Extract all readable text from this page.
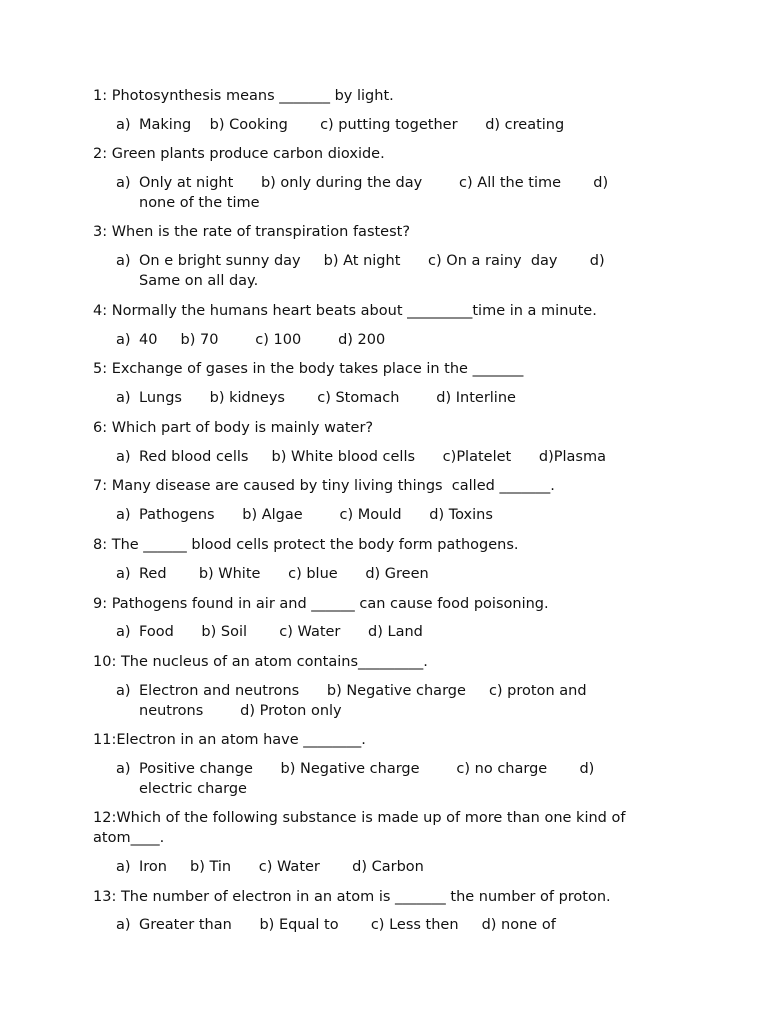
1: Photosynthesis means _______ by light.
a) Making    b) Cooking       c) putting together      d) creating
2: Green plants produce carbon dioxide.
a) Only at night      b) only during the day        c) All the time       d) none of the time
3: When is the rate of transpiration fastest?
a) On e bright sunny day     b) At night      c) On a rainy  day       d) Same on all day.
4: Normally the humans heart beats about _________time in a minute.
a) 40     b) 70        c) 100        d) 200
5: Exchange of gases in the body takes place in the _______
a) Lungs      b) kidneys       c) Stomach        d) Interline
6: Which part of body is mainly water?
a) Red blood cells     b) White blood cells      c)Platelet      d)Plasma
7: Many disease are caused by tiny living things  called _______.
a) Pathogens      b) Algae        c) Mould      d) Toxins
8: The ______ blood cells protect the body form pathogens.
a) Red       b) White      c) blue      d) Green
9: Pathogens found in air and ______ can cause food poisoning.
a) Food      b) Soil       c) Water      d) Land
10: The nucleus of an atom contains_________.
a) Electron and neutrons      b) Negative charge     c) proton and neutrons        d) Proton only
11:Electron in an atom have ________.
a) Positive change      b) Negative charge        c) no charge       d) electric charge
12:Which of the following substance is made up of more than one kind of atom____.
a) Iron     b) Tin      c) Water       d) Carbon
13: The number of electron in an atom is _______ the number of proton.
a) Greater than      b) Equal to       c) Less then     d) none of
